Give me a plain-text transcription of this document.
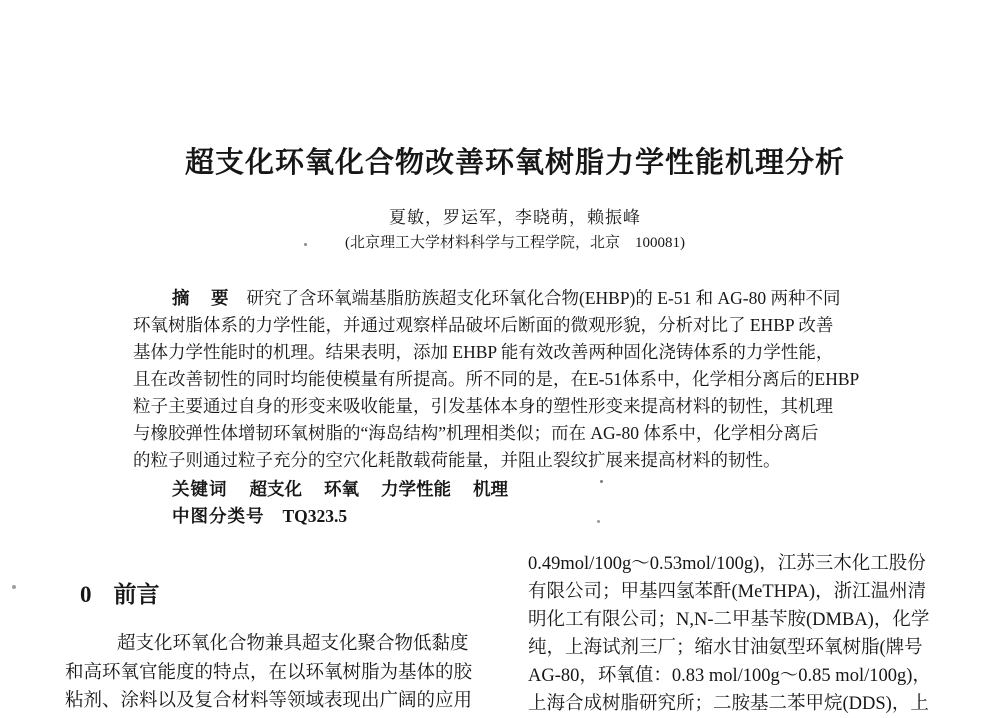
超支化环氧化合物改善环氧树脂力学性能机理分析
夏敏，罗运军，李晓萌，赖振峰
(北京理工大学材料科学与工程学院，北京　100081)
摘　要 研究了含环氧端基脂肪族超支化环氧化合物(EHBP)的 E-51 和 AG-80 两种不同
环氧树脂体系的力学性能，并通过观察样品破坏后断面的微观形貌，分析对比了 EHBP 改善
基体力学性能时的机理。结果表明，添加 EHBP 能有效改善两种固化浇铸体系的力学性能，
且在改善韧性的同时均能使模量有所提高。所不同的是，在E-51体系中，化学相分离后的EHBP
粒子主要通过自身的形变来吸收能量，引发基体本身的塑性形变来提高材料的韧性，其机理
与橡胶弹性体增韧环氧树脂的“海岛结构”机理相类似；而在 AG-80 体系中，化学相分离后
的粒子则通过粒子充分的空穴化耗散载荷能量，并阻止裂纹扩展来提高材料的韧性。
关键词 超支化 环氧 力学性能 机理
中图分类号 TQ323.5
0 前言
超支化环氧化合物兼具超支化聚合物低黏度
和高环氧官能度的特点，在以环氧树脂为基体的胶
粘剂、涂料以及复合材料等领域表现出广阔的应用
0.49mol/100g～0.53mol/100g)，江苏三木化工股份
有限公司；甲基四氢苯酐(MeTHPA)，浙江温州清
明化工有限公司；N,N-二甲基苄胺(DMBA)，化学
纯，上海试剂三厂；缩水甘油氨型环氧树脂(牌号
AG-80，环氧值：0.83 mol/100g～0.85 mol/100g)，
上海合成树脂研究所；二胺基二苯甲烷(DDS)，上
